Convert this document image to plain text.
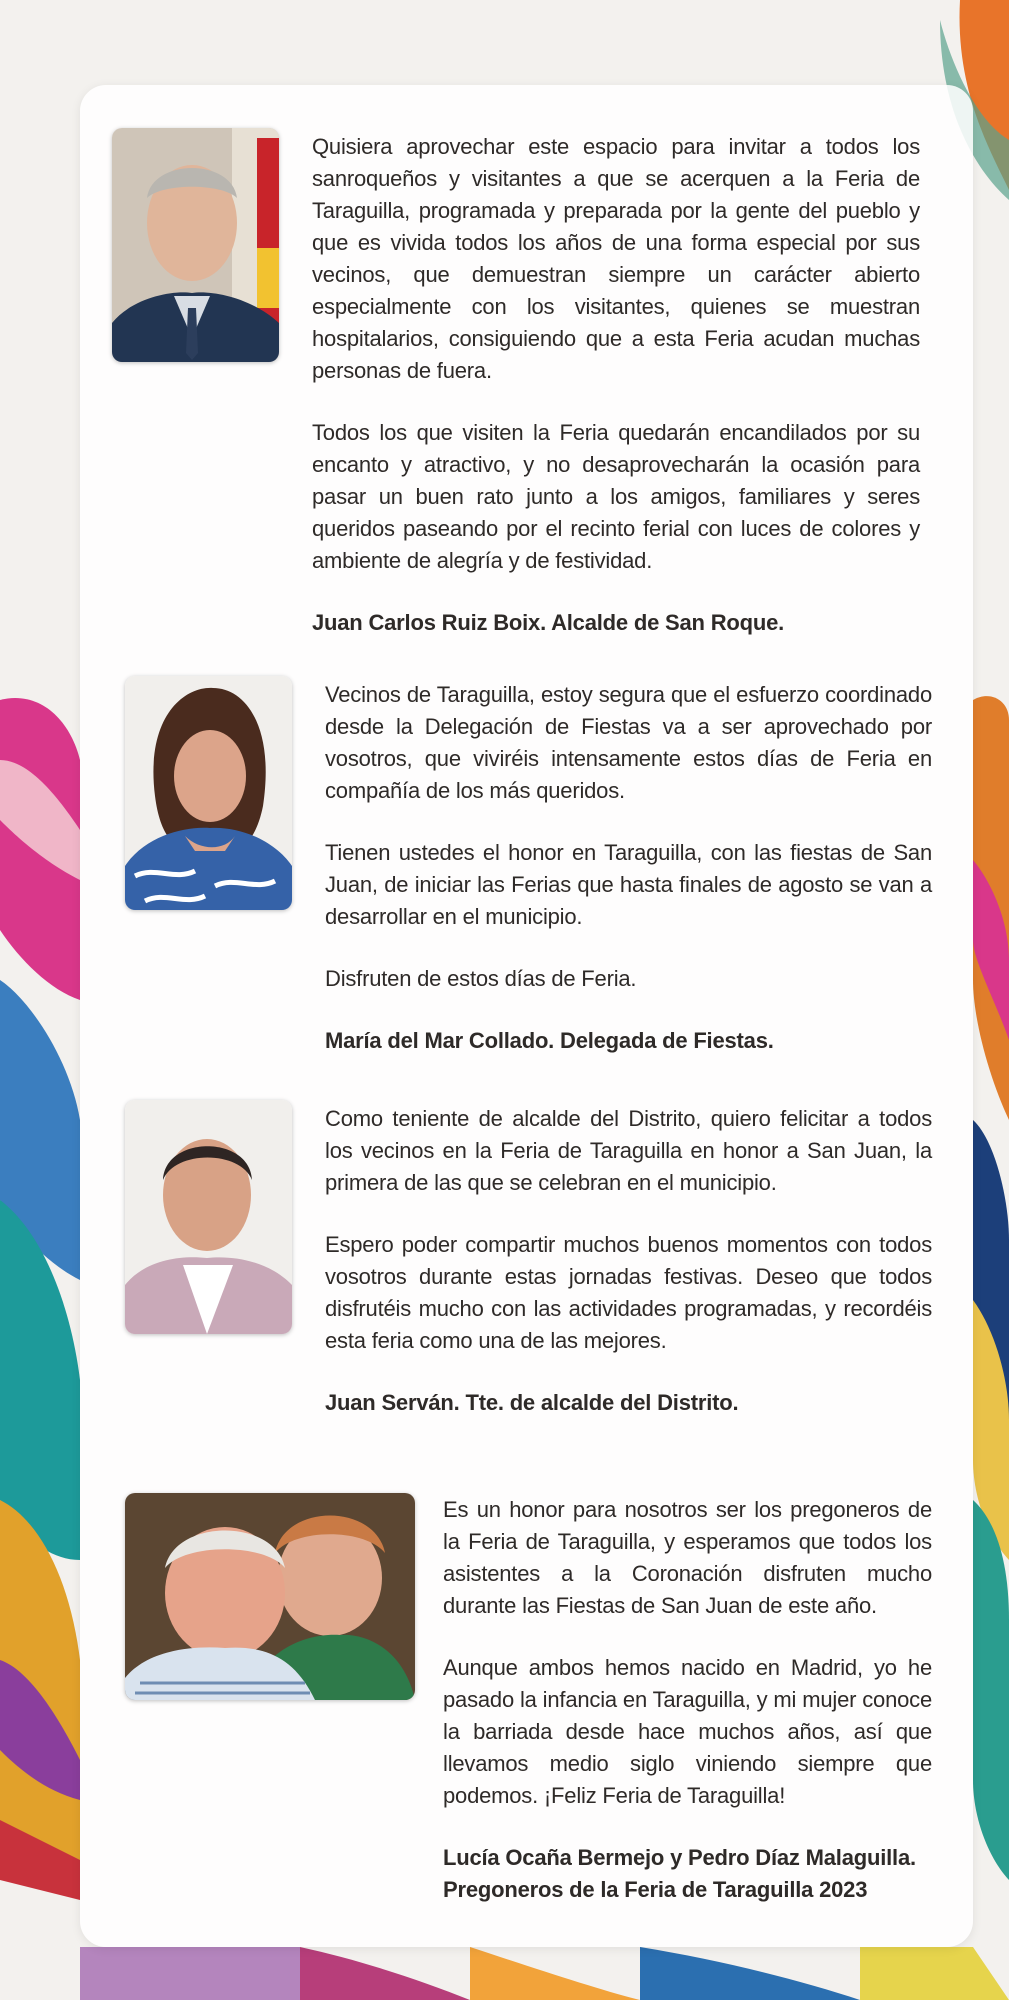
Quisiera aprovechar este espacio para invitar a todos los sanroqueños y visitantes a que se acerquen a la Feria de Taraguilla, programada y preparada por la gente del pueblo y que es vivida todos los años de una forma especial por sus vecinos, que demuestran siempre un carácter abierto especialmente con los visitantes, quienes se muestran hospitalarios, consiguiendo que a esta Feria acudan muchas personas de fuera.

Todos los que visiten la Feria quedarán encandilados por su encanto y atractivo, y no desaprovecharán la ocasión para pasar un buen rato junto a los amigos, familiares y seres queridos paseando por el recinto ferial con luces de colores y ambiente de alegría y de festividad.

Juan Carlos Ruiz Boix. Alcalde de San Roque.

Vecinos de Taraguilla, estoy segura que el esfuerzo coordinado desde la Delegación de Fiestas va a ser aprovechado por vosotros, que viviréis intensamente estos días de Feria en compañía de los más queridos.

Tienen ustedes el honor en Taraguilla, con las fiestas de San Juan, de iniciar las Ferias que hasta finales de agosto se van a desarrollar en el municipio.

Disfruten de estos días de Feria.

María del Mar Collado. Delegada de Fiestas.

Como teniente de alcalde del Distrito, quiero felicitar a todos los vecinos en la Feria de Taraguilla en honor a San Juan, la primera de las que se celebran en el municipio.

Espero poder compartir muchos buenos momentos con todos vosotros durante estas jornadas festivas. Deseo que todos disfrutéis mucho con las actividades programadas, y recordéis esta feria como una de las mejores.

Juan Serván. Tte. de alcalde del Distrito.

Es un honor para nosotros ser los pregoneros de la Feria de Taraguilla, y esperamos que todos los asistentes a la Coronación disfruten mucho durante las Fiestas de San Juan de este año.

Aunque ambos hemos nacido en Madrid, yo he pasado la infancia en Taraguilla, y mi mujer conoce la barriada desde hace muchos años, así que llevamos medio siglo viniendo siempre que podemos. ¡Feliz Feria de Taraguilla!

Lucía Ocaña Bermejo y Pedro Díaz Malaguilla.

Pregoneros de la Feria de Taraguilla 2023
